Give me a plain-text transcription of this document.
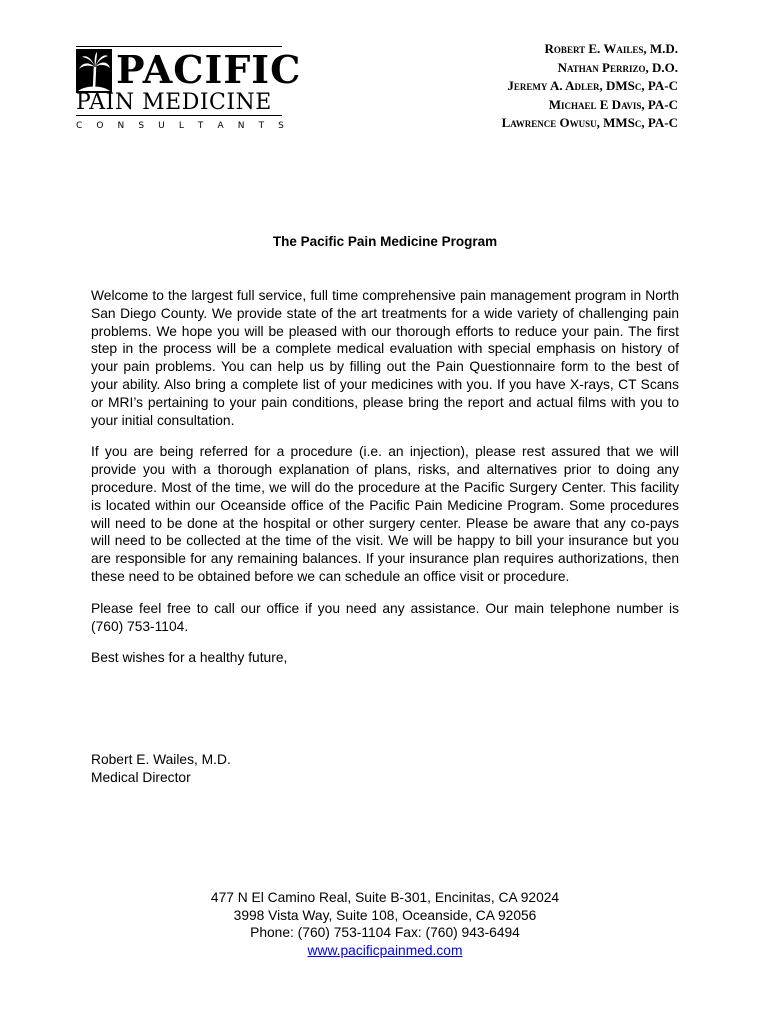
PACIFIC
PAIN MEDICINE
C O N S U L T A N T S
Robert E. Wailes, M.D.
Nathan Perrizo, D.O.
Jeremy A. Adler, DMSc, PA-C
Michael E Davis, PA-C
Lawrence Owusu, MMSc, PA-C
The Pacific Pain Medicine Program

Welcome to the largest full service, full time comprehensive pain management program in North San Diego County. We provide state of the art treatments for a wide variety of challenging pain problems. We hope you will be pleased with our thorough efforts to reduce your pain. The first step in the process will be a complete medical evaluation with special emphasis on history of your pain problems. You can help us by filling out the Pain Questionnaire form to the best of your ability. Also bring a complete list of your medicines with you. If you have X-rays, CT Scans or MRI’s pertaining to your pain conditions, please bring the report and actual films with you to your initial consultation.

If you are being referred for a procedure (i.e. an injection), please rest assured that we will provide you with a thorough explanation of plans, risks, and alternatives prior to doing any procedure. Most of the time, we will do the procedure at the Pacific Surgery Center. This facility is located within our Oceanside office of the Pacific Pain Medicine Program. Some procedures will need to be done at the hospital or other surgery center. Please be aware that any co-pays will need to be collected at the time of the visit. We will be happy to bill your insurance but you are responsible for any remaining balances. If your insurance plan requires authorizations, then these need to be obtained before we can schedule an office visit or procedure.

Please feel free to call our office if you need any assistance. Our main telephone number is (760) 753-1104.

Best wishes for a healthy future,

Robert E. Wailes, M.D.
Medical Director
477 N El Camino Real, Suite B-301, Encinitas, CA 92024
3998 Vista Way, Suite 108, Oceanside, CA 92056
Phone: (760) 753-1104 Fax: (760) 943-6494
www.pacificpainmed.com
